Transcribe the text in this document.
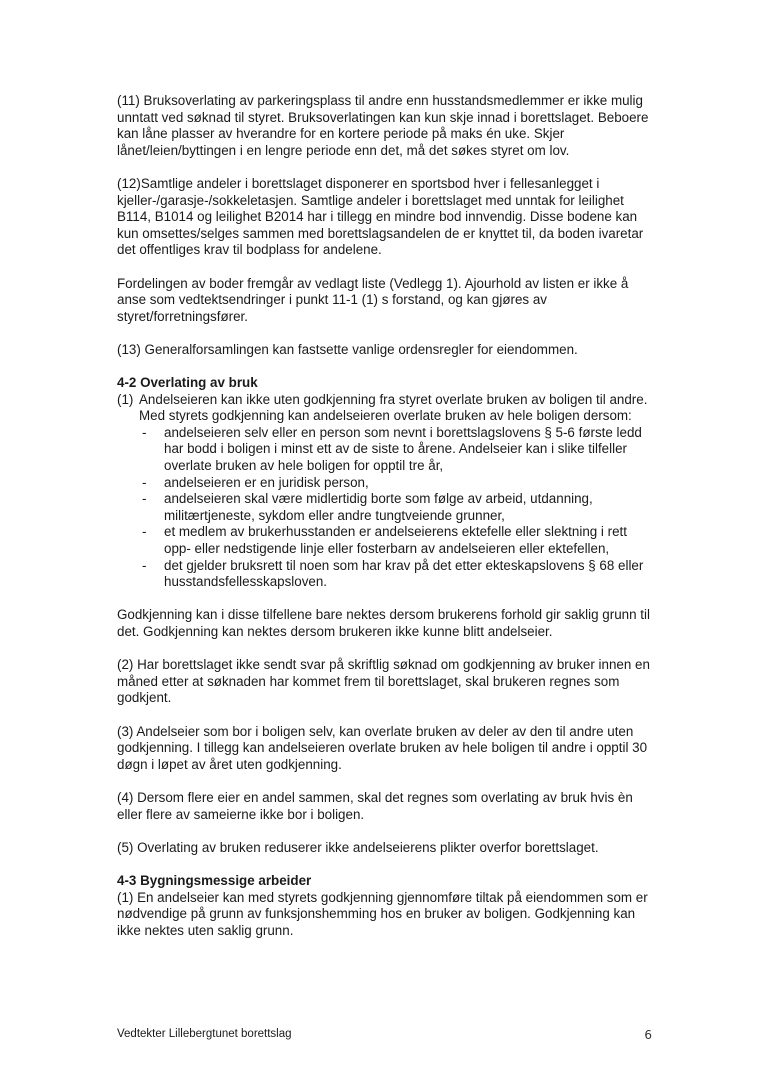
(11) Bruksoverlating av parkeringsplass til andre enn husstandsmedlemmer er ikke mulig

unntatt ved søknad til styret. Bruksoverlatingen kan kun skje innad i borettslaget. Beboere kan låne plasser av hverandre for en kortere periode på maks én uke. Skjer lånet/leien/byttingen i en lengre periode enn det, må det søkes styret om lov.

(12)Samtlige andeler i borettslaget disponerer en sportsbod hver i fellesanlegget i kjeller-/garasje-/sokkeletasjen. Samtlige andeler i borettslaget med unntak for leilighet B114, B1014 og leilighet B2014 har i tillegg en mindre bod innvendig. Disse bodene kan kun omsettes/selges sammen med borettslagsandelen de er knyttet til, da boden ivaretar det offentliges krav til bodplass for andelene.

Fordelingen av boder fremgår av vedlagt liste (Vedlegg 1). Ajourhold av listen er ikke å anse som vedtektsendringer i punkt 11-1 (1) s forstand, og kan gjøres av styret/forretningsfører.

(13) Generalforsamlingen kan fastsette vanlige ordensregler for eiendommen.

4-2 Overlating av bruk

(1) Andelseieren kan ikke uten godkjenning fra styret overlate bruken av boligen til andre. Med styrets godkjenning kan andelseieren overlate bruken av hele boligen dersom:

-	andelseieren selv eller en person som nevnt i borettslagslovens § 5-6 første ledd har bodd i boligen i minst ett av de siste to årene. Andelseier kan i slike tilfeller overlate bruken av hele boligen for opptil tre år,
-	andelseieren er en juridisk person,
-	andelseieren skal være midlertidig borte som følge av arbeid, utdanning, militærtjeneste, sykdom eller andre tungtveiende grunner,
-	et medlem av brukerhusstanden er andelseierens ektefelle eller slektning i rett opp- eller nedstigende linje eller fosterbarn av andelseieren eller ektefellen,
-	det gjelder bruksrett til noen som har krav på det etter ekteskapslovens § 68 eller husstandsfellesskapsloven.

Godkjenning kan i disse tilfellene bare nektes dersom brukerens forhold gir saklig grunn til det. Godkjenning kan nektes dersom brukeren ikke kunne blitt andelseier.

(2) Har borettslaget ikke sendt svar på skriftlig søknad om godkjenning av bruker innen en måned etter at søknaden har kommet frem til borettslaget, skal brukeren regnes som godkjent.

(3) Andelseier som bor i boligen selv, kan overlate bruken av deler av den til andre uten godkjenning. I tillegg kan andelseieren overlate bruken av hele boligen til andre i opptil 30 døgn i løpet av året uten godkjenning.

(4) Dersom flere eier en andel sammen, skal det regnes som overlating av bruk hvis èn eller flere av sameierne ikke bor i boligen.

(5) Overlating av bruken reduserer ikke andelseierens plikter overfor borettslaget.

4-3 Bygningsmessige arbeider

(1) En andelseier kan med styrets godkjenning gjennomføre tiltak på eiendommen som er nødvendige på grunn av funksjonshemming hos en bruker av boligen. Godkjenning kan ikke nektes uten saklig grunn.

Vedtekter Lillebergtunet borettslag	6
